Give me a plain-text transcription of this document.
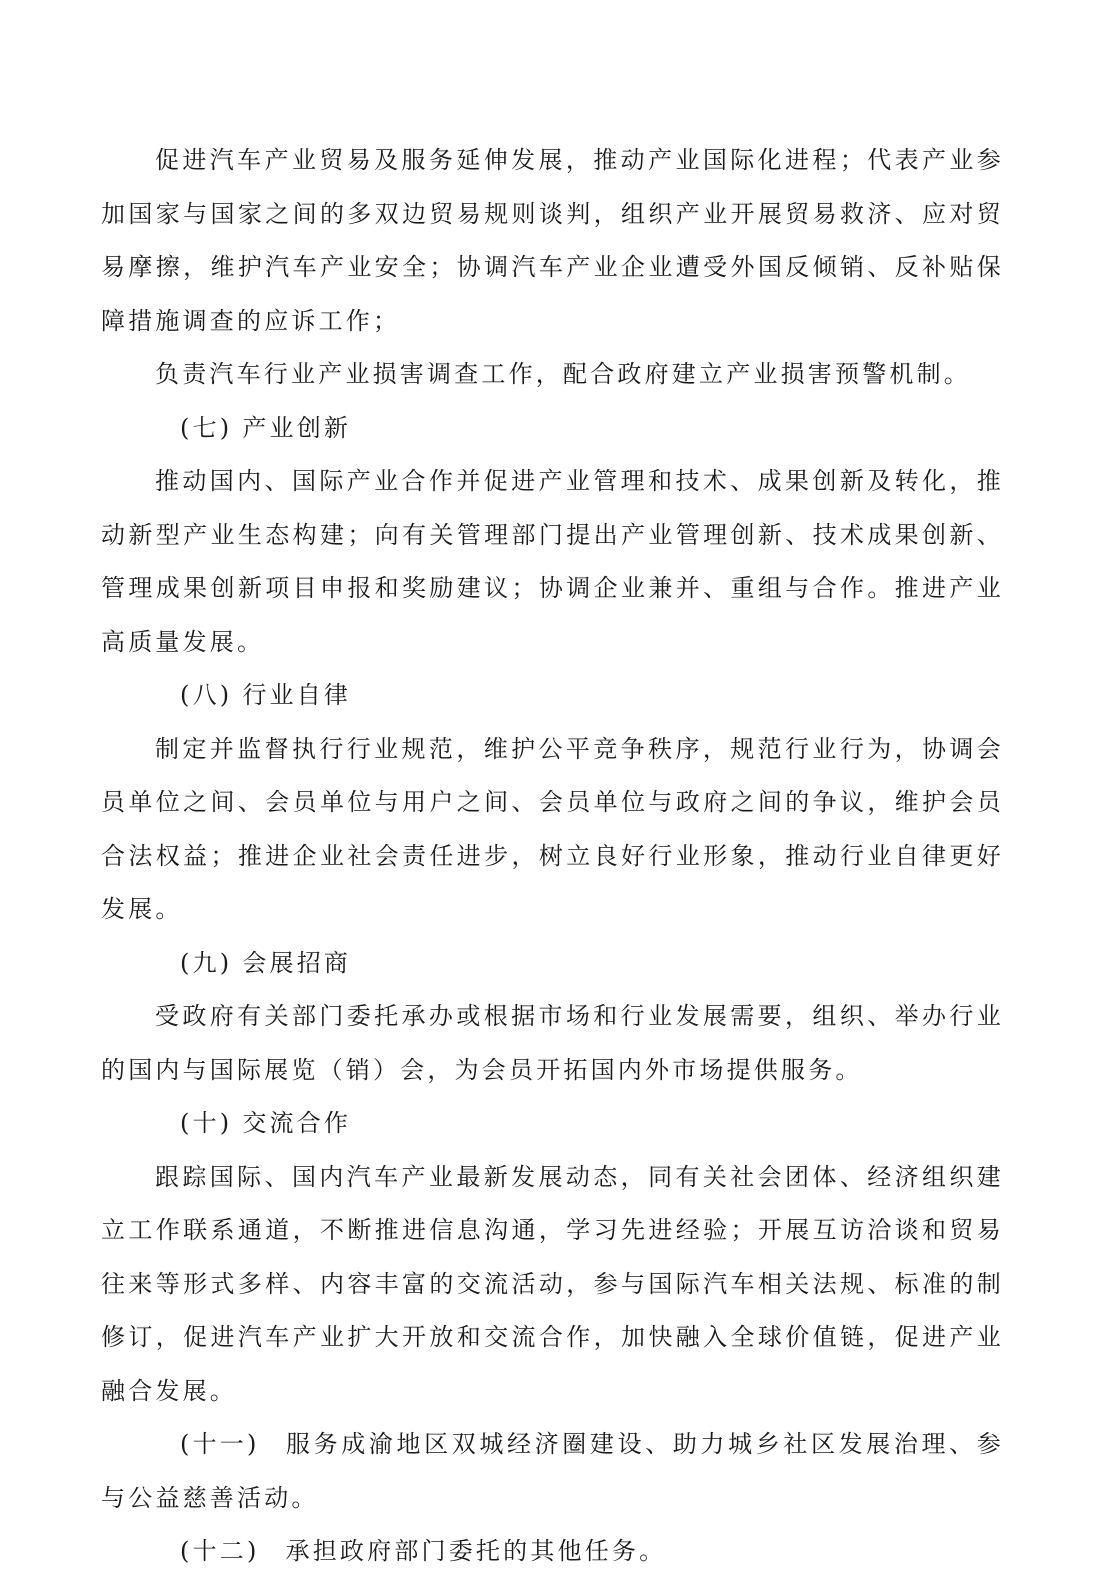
促进汽车产业贸易及服务延伸发展，推动产业国际化进程；代表产业参加国家与国家之间的多双边贸易规则谈判，组织产业开展贸易救济、应对贸易摩擦，维护汽车产业安全；协调汽车产业企业遭受外国反倾销、反补贴保障措施调查的应诉工作；

负责汽车行业产业损害调查工作，配合政府建立产业损害预警机制。

(七) 产业创新

推动国内、国际产业合作并促进产业管理和技术、成果创新及转化，推动新型产业生态构建；向有关管理部门提出产业管理创新、技术成果创新、管理成果创新项目申报和奖励建议；协调企业兼并、重组与合作。推进产业高质量发展。

(八) 行业自律

制定并监督执行行业规范，维护公平竞争秩序，规范行业行为，协调会员单位之间、会员单位与用户之间、会员单位与政府之间的争议，维护会员合法权益；推进企业社会责任进步，树立良好行业形象，推动行业自律更好发展。

(九) 会展招商

受政府有关部门委托承办或根据市场和行业发展需要，组织、举办行业的国内与国际展览（销）会，为会员开拓国内外市场提供服务。

(十) 交流合作

跟踪国际、国内汽车产业最新发展动态，同有关社会团体、经济组织建立工作联系通道，不断推进信息沟通，学习先进经验；开展互访洽谈和贸易往来等形式多样、内容丰富的交流活动，参与国际汽车相关法规、标准的制修订，促进汽车产业扩大开放和交流合作，加快融入全球价值链，促进产业融合发展。

(十一) 服务成渝地区双城经济圈建设、助力城乡社区发展治理、参与公益慈善活动。

(十二) 承担政府部门委托的其他任务。
